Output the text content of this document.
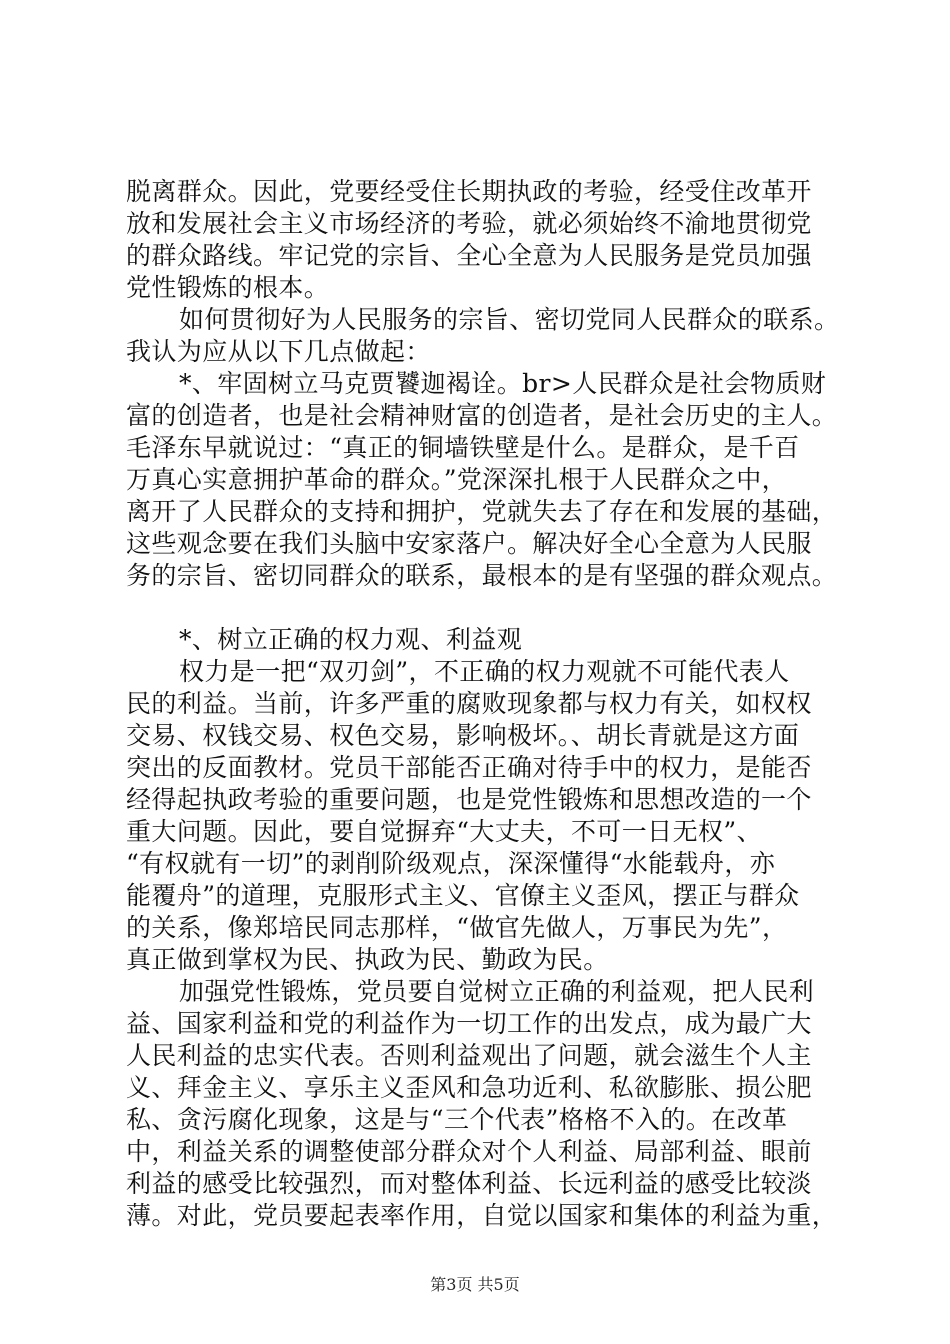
脱离群众。因此，党要经受住长期执政的考验，经受住改革开
放和发展社会主义市场经济的考验，就必须始终不渝地贯彻党
的群众路线。牢记党的宗旨、全心全意为人民服务是党员加强
党性锻炼的根本。
如何贯彻好为人民服务的宗旨、密切党同人民群众的联系。
我认为应从以下几点做起：
*、牢固树立马克贾饕迦褐诠。br>人民群众是社会物质财
富的创造者，也是社会精神财富的创造者，是社会历史的主人。
毛泽东早就说过：“真正的铜墙铁壁是什么。是群众，是千百
万真心实意拥护革命的群众。”党深深扎根于人民群众之中，
离开了人民群众的支持和拥护，党就失去了存在和发展的基础，
这些观念要在我们头脑中安家落户。解决好全心全意为人民服
务的宗旨、密切同群众的联系，最根本的是有坚强的群众观点。
*、树立正确的权力观、利益观
权力是一把“双刃剑”，不正确的权力观就不可能代表人
民的利益。当前，许多严重的腐败现象都与权力有关，如权权
交易、权钱交易、权色交易，影响极坏。、胡长青就是这方面
突出的反面教材。党员干部能否正确对待手中的权力，是能否
经得起执政考验的重要问题，也是党性锻炼和思想改造的一个
重大问题。因此，要自觉摒弃“大丈夫，不可一日无权”、
“有权就有一切”的剥削阶级观点，深深懂得“水能载舟，亦
能覆舟”的道理，克服形式主义、官僚主义歪风，摆正与群众
的关系，像郑培民同志那样，“做官先做人，万事民为先”，
真正做到掌权为民、执政为民、勤政为民。
加强党性锻炼，党员要自觉树立正确的利益观，把人民利
益、国家利益和党的利益作为一切工作的出发点，成为最广大
人民利益的忠实代表。否则利益观出了问题，就会滋生个人主
义、拜金主义、享乐主义歪风和急功近利、私欲膨胀、损公肥
私、贪污腐化现象，这是与“三个代表”格格不入的。在改革
中，利益关系的调整使部分群众对个人利益、局部利益、眼前
利益的感受比较强烈，而对整体利益、长远利益的感受比较淡
薄。对此，党员要起表率作用，自觉以国家和集体的利益为重，
第3页 共5页
